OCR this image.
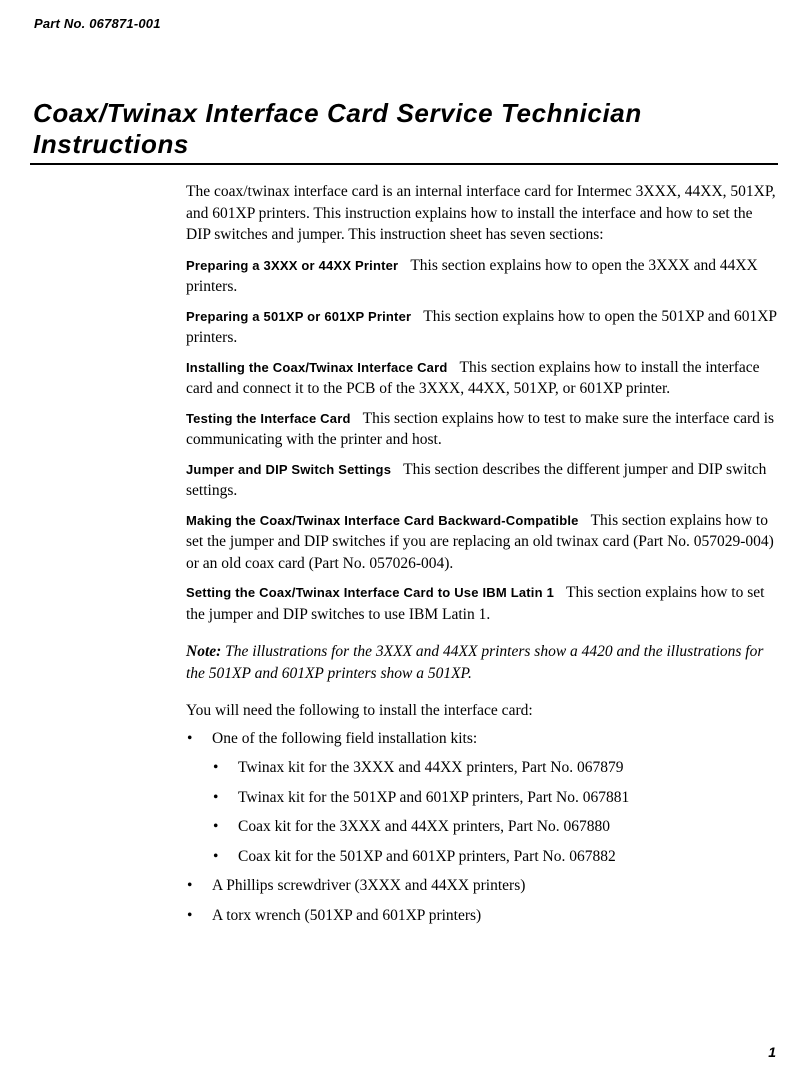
Part No. 067871-001
Coax/Twinax Interface Card Service Technician
Instructions

The coax/twinax interface card is an internal interface card for Intermec 3XXX, 44XX, 501XP, and 601XP printers. This instruction explains how to install the interface and how to set the DIP switches and jumper. This instruction sheet has seven sections:

Preparing a 3XXX or 44XX Printer This section explains how to open the 3XXX and 44XX printers.

Preparing a 501XP or 601XP Printer This section explains how to open the 501XP and 601XP printers.

Installing the Coax/Twinax Interface Card This section explains how to install the interface card and connect it to the PCB of the 3XXX, 44XX, 501XP, or 601XP printer.

Testing the Interface Card This section explains how to test to make sure the interface card is communicating with the printer and host.

Jumper and DIP Switch Settings This section describes the different jumper and DIP switch settings.

Making the Coax/Twinax Interface Card Backward-Compatible This section explains how to set the jumper and DIP switches if you are replacing an old twinax card (Part No. 057029-004) or an old coax card (Part No. 057026-004).

Setting the Coax/Twinax Interface Card to Use IBM Latin 1 This section explains how to set the jumper and DIP switches to use IBM Latin 1.

Note: The illustrations for the 3XXX and 44XX printers show a 4420 and the illustrations for the 501XP and 601XP printers show a 501XP.

You will need the following to install the interface card:

• One of the following field installation kits:
• Twinax kit for the 3XXX and 44XX printers, Part No. 067879
• Twinax kit for the 501XP and 601XP printers, Part No. 067881
• Coax kit for the 3XXX and 44XX printers, Part No. 067880
• Coax kit for the 501XP and 601XP printers, Part No. 067882
• A Phillips screwdriver (3XXX and 44XX printers)
• A torx wrench (501XP and 601XP printers)
1
